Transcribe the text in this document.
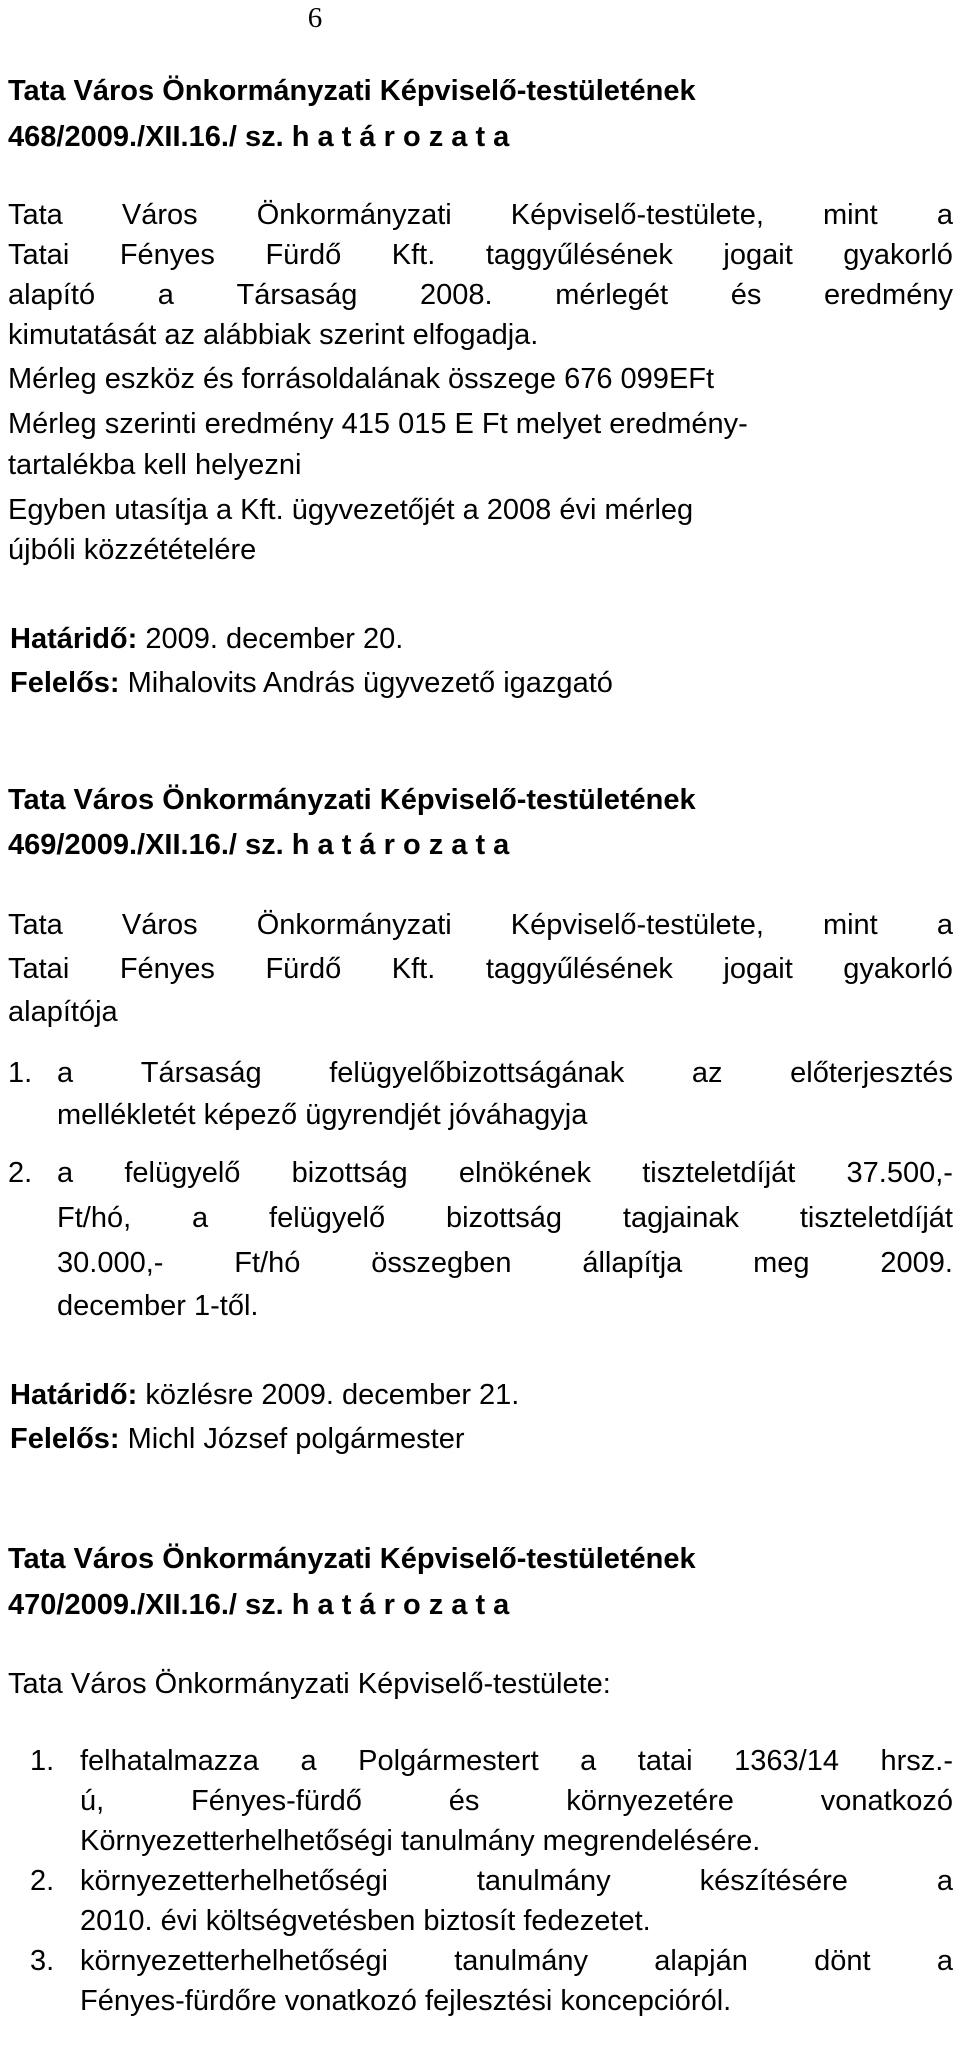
6
Tata Város Önkormányzati Képviselő-testületének
468/2009./XII.16./ sz. h a t á r o z a t a
Tata Város Önkormányzati Képviselő-testülete, mint a
Tatai Fényes Fürdő Kft. taggyűlésének jogait gyakorló
alapító a Társaság 2008. mérlegét és eredmény
kimutatását az alábbiak szerint elfogadja.
Mérleg eszköz és forrásoldalának összege 676 099EFt
Mérleg szerinti eredmény 415 015 E Ft melyet eredmény-
tartalékba kell helyezni
Egyben utasítja a Kft. ügyvezetőjét a 2008 évi mérleg
újbóli közzétételére
Határidő: 2009. december 20.
Felelős: Mihalovits András ügyvezető igazgató
Tata Város Önkormányzati Képviselő-testületének
469/2009./XII.16./ sz. h a t á r o z a t a
Tata Város Önkormányzati Képviselő-testülete, mint a
Tatai Fényes Fürdő Kft. taggyűlésének jogait gyakorló
alapítója
1. a Társaság felügyelőbizottságának az előterjesztés
mellékletét képező ügyrendjét jóváhagyja
2. a felügyelő bizottság elnökének tiszteletdíját 37.500,-
Ft/hó, a felügyelő bizottság tagjainak tiszteletdíját
30.000,- Ft/hó összegben állapítja meg 2009.
december 1-től.
Határidő: közlésre 2009. december 21.
Felelős: Michl József polgármester
Tata Város Önkormányzati Képviselő-testületének
470/2009./XII.16./ sz. h a t á r o z a t a
Tata Város Önkormányzati Képviselő-testülete:
1. felhatalmazza a Polgármestert a tatai 1363/14 hrsz.-
ú,	Fényes-fürdő	és	környezetére	vonatkozó
Környezetterhelhetőségi tanulmány megrendelésére.
2. környezetterhelhetőségi	tanulmány	készítésére	a
2010. évi költségvetésben biztosít fedezetet.
3. környezetterhelhetőségi tanulmány alapján dönt a
Fényes-fürdőre vonatkozó fejlesztési koncepcióról.
